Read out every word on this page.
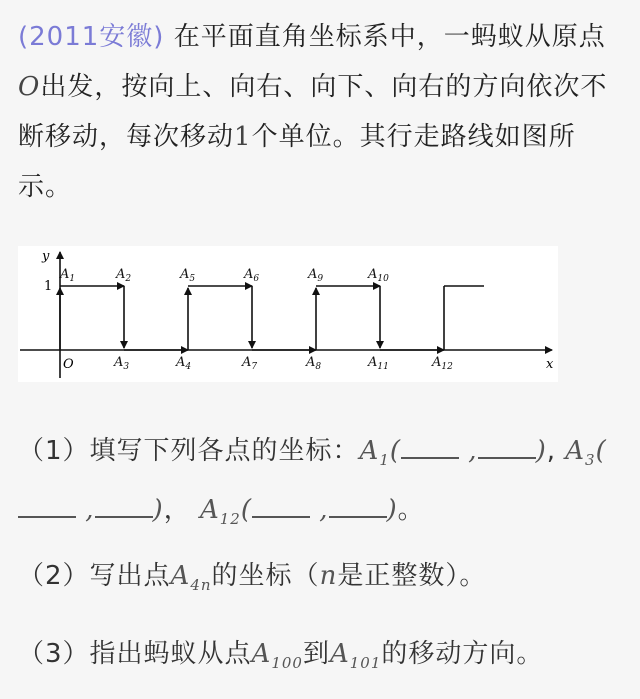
(2011安徽) 在平面直角坐标系中，一蚂蚁从原点O出发，按向上、向右、向下、向右的方向依次不断移动，每次移动1个单位。其行走路线如图所示。
y
x
O
1
$A_1$	$A_2$
$A_3$	$A_4$
$A_5$	$A_6$
$A_7$	$A_8$
$A_9$	$A_{10}$
$A_{11}$	$A_{12}$
（1）填写下列各点的坐标：$A_1$( , ), $A_3$( , )， $A_{12}$( , )。
（2）写出点$A_{4n}$的坐标（n是正整数）。
（3）指出蚂蚁从点$A_{100}$到$A_{101}$的移动方向。
